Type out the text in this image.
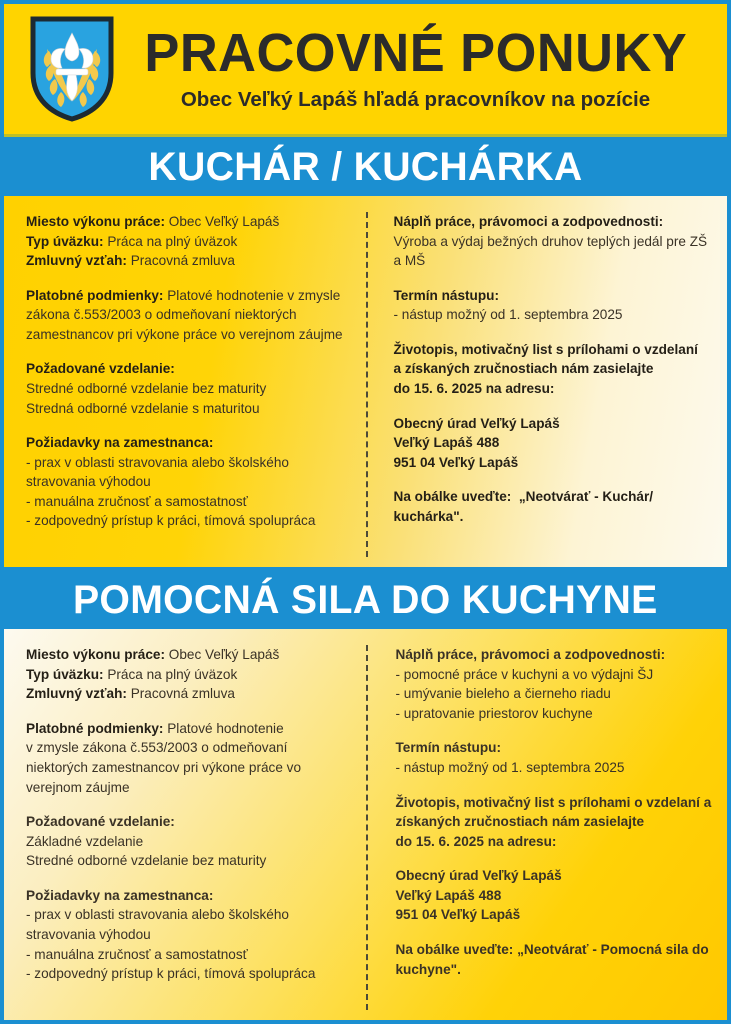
PRACOVNÉ PONUKY
Obec Veľký Lapáš hľadá pracovníkov na pozície
KUCHÁR / KUCHÁRKA
Miesto výkonu práce: Obec Veľký Lapáš
Typ úväzku: Práca na plný úväzok
Zmluvný vzťah: Pracovná zmluva
Platobné podmienky: Platové hodnotenie v zmysle
zákona č.553/2003 o odmeňovaní niektorých
zamestnancov pri výkone práce vo verejnom záujme
Požadované vzdelanie:
Stredné odborné vzdelanie bez maturity
Stredná odborné vzdelanie s maturitou
Požiadavky na zamestnanca:
- prax v oblasti stravovania alebo školského
stravovania výhodou
- manuálna zručnosť a samostatnosť
- zodpovedný prístup k práci, tímová spolupráca
Náplň práce, právomoci a zodpovednosti:
Výroba a výdaj bežných druhov teplých jedál pre ZŠ
a MŠ
Termín nástupu:
- nástup možný od 1. septembra 2025
Životopis, motivačný list s prílohami o vzdelaní
a získaných zručnostiach nám zasielajte
do 15. 6. 2025 na adresu:
Obecný úrad Veľký Lapáš
Veľký Lapáš 488
951 04 Veľký Lapáš
Na obálke uveďte:  „Neotvárať - Kuchár/
kuchárka".
POMOCNÁ SILA DO KUCHYNE
Miesto výkonu práce: Obec Veľký Lapáš
Typ úväzku: Práca na plný úväzok
Zmluvný vzťah: Pracovná zmluva
Platobné podmienky: Platové hodnotenie
v zmysle zákona č.553/2003 o odmeňovaní
niektorých zamestnancov pri výkone práce vo
verejnom záujme
Požadované vzdelanie:
Základné vzdelanie
Stredné odborné vzdelanie bez maturity
Požiadavky na zamestnanca:
- prax v oblasti stravovania alebo školského
stravovania výhodou
- manuálna zručnosť a samostatnosť
- zodpovedný prístup k práci, tímová spolupráca
Náplň práce, právomoci a zodpovednosti:
- pomocné práce v kuchyni a vo výdajni ŠJ
- umývanie bieleho a čierneho riadu
- upratovanie priestorov kuchyne
Termín nástupu:
- nástup možný od 1. septembra 2025
Životopis, motivačný list s prílohami o vzdelaní a
získaných zručnostiach nám zasielajte
do 15. 6. 2025 na adresu:
Obecný úrad Veľký Lapáš
Veľký Lapáš 488
951 04 Veľký Lapáš
Na obálke uveďte: „Neotvárať - Pomocná sila do
kuchyne".
